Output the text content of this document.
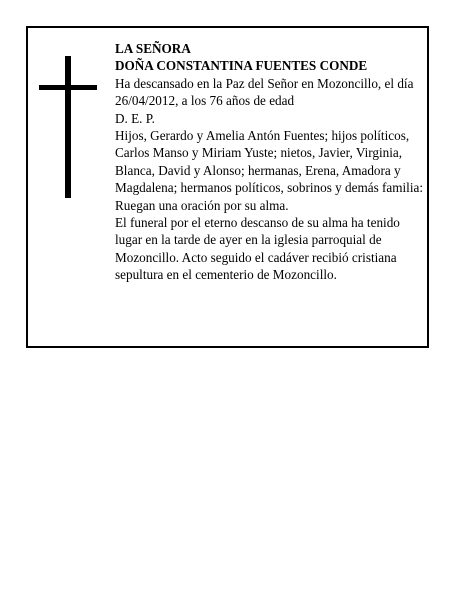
LA SEÑORA

DOÑA CONSTANTINA FUENTES CONDE

Ha descansado en la Paz del Señor en Mozoncillo, el día 26/04/2012, a los 76 años de edad

D. E. P.

Hijos, Gerardo y Amelia Antón Fuentes; hijos políticos, Carlos Manso y Miriam Yuste; nietos, Javier, Virginia, Blanca, David y Alonso; hermanas, Erena, Amadora y Magdalena; hermanos políticos, sobrinos y demás familia:

Ruegan una oración por su alma.

El funeral por el eterno descanso de su alma ha tenido lugar en la tarde de ayer en la iglesia parroquial de Mozoncillo. Acto seguido el cadáver recibió cristiana sepultura en el cementerio de Mozoncillo.
